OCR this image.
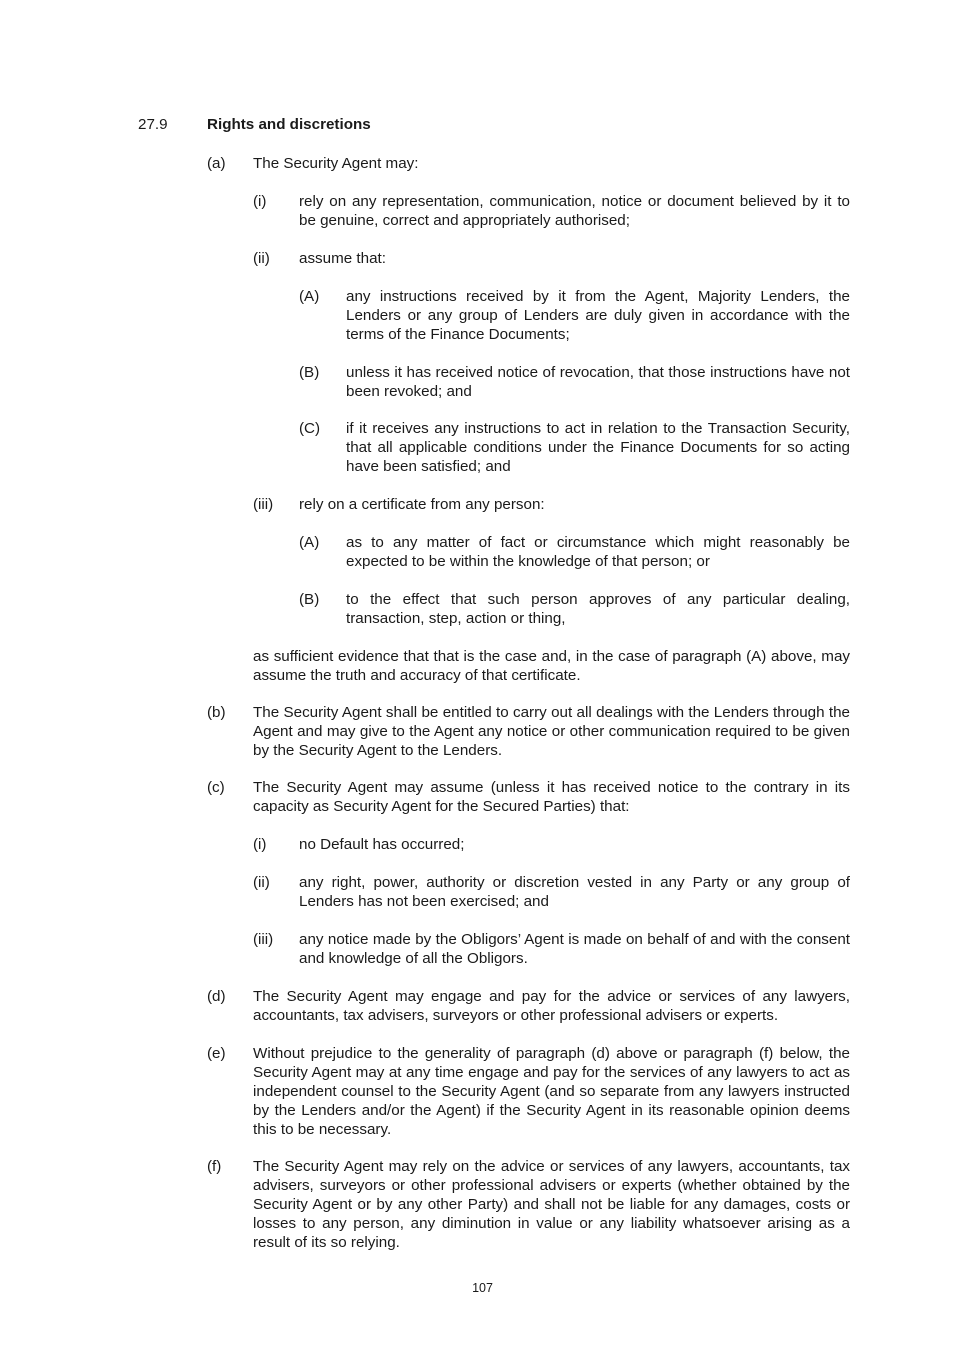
27.9	Rights and discretions
(a) The Security Agent may:
(i) rely on any representation, communication, notice or document believed by it to be genuine, correct and appropriately authorised;
(ii) assume that:
(A) any instructions received by it from the Agent, Majority Lenders, the Lenders or any group of Lenders are duly given in accordance with the terms of the Finance Documents;
(B) unless it has received notice of revocation, that those instructions have not been revoked; and
(C) if it receives any instructions to act in relation to the Transaction Security, that all applicable conditions under the Finance Documents for so acting have been satisfied; and
(iii) rely on a certificate from any person:
(A) as to any matter of fact or circumstance which might reasonably be expected to be within the knowledge of that person; or
(B) to the effect that such person approves of any particular dealing, transaction, step, action or thing,
as sufficient evidence that that is the case and, in the case of paragraph (A) above, may assume the truth and accuracy of that certificate.
(b) The Security Agent shall be entitled to carry out all dealings with the Lenders through the Agent and may give to the Agent any notice or other communication required to be given by the Security Agent to the Lenders.
(c) The Security Agent may assume (unless it has received notice to the contrary in its capacity as Security Agent for the Secured Parties) that:
(i) no Default has occurred;
(ii) any right, power, authority or discretion vested in any Party or any group of Lenders has not been exercised; and
(iii) any notice made by the Obligors’ Agent is made on behalf of and with the consent and knowledge of all the Obligors.
(d) The Security Agent may engage and pay for the advice or services of any lawyers, accountants, tax advisers, surveyors or other professional advisers or experts.
(e) Without prejudice to the generality of paragraph (d) above or paragraph (f) below, the Security Agent may at any time engage and pay for the services of any lawyers to act as independent counsel to the Security Agent (and so separate from any lawyers instructed by the Lenders and/or the Agent) if the Security Agent in its reasonable opinion deems this to be necessary.
(f) The Security Agent may rely on the advice or services of any lawyers, accountants, tax advisers, surveyors or other professional advisers or experts (whether obtained by the Security Agent or by any other Party) and shall not be liable for any damages, costs or losses to any person, any diminution in value or any liability whatsoever arising as a result of its so relying.
107
